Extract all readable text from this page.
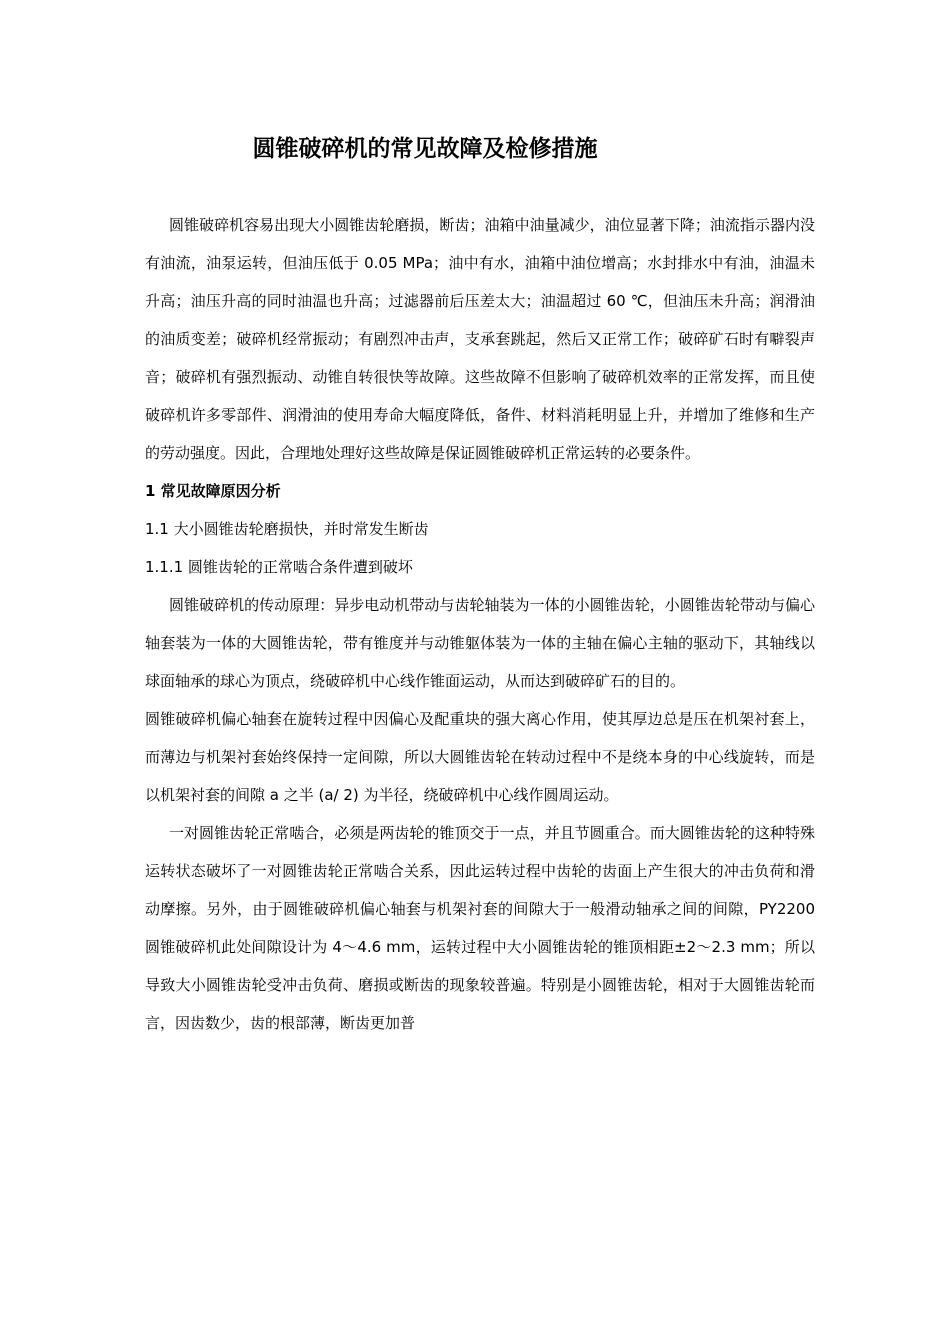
圆锥破碎机的常见故障及检修措施

圆锥破碎机容易出现大小圆锥齿轮磨损，断齿；油箱中油量减少，油位显著下降；油流指示器内没有油流，油泵运转，但油压低于 0.05 MPa；油中有水，油箱中油位增高；水封排水中有油，油温未升高；油压升高的同时油温也升高；过滤器前后压差太大；油温超过 60 ℃，但油压未升高；润滑油的油质变差；破碎机经常振动；有剧烈冲击声，支承套跳起，然后又正常工作；破碎矿石时有噼裂声音；破碎机有强烈振动、动锥自转很快等故障。这些故障不但影响了破碎机效率的正常发挥，而且使破碎机许多零部件、润滑油的使用寿命大幅度降低，备件、材料消耗明显上升，并增加了维修和生产的劳动强度。因此，合理地处理好这些故障是保证圆锥破碎机正常运转的必要条件。

1 常见故障原因分析

1.1 大小圆锥齿轮磨损快，并时常发生断齿

1.1.1 圆锥齿轮的正常啮合条件遭到破坏

圆锥破碎机的传动原理：异步电动机带动与齿轮轴装为一体的小圆锥齿轮，小圆锥齿轮带动与偏心轴套装为一体的大圆锥齿轮，带有锥度并与动锥躯体装为一体的主轴在偏心主轴的驱动下，其轴线以球面轴承的球心为顶点，绕破碎机中心线作锥面运动，从而达到破碎矿石的目的。

圆锥破碎机偏心轴套在旋转过程中因偏心及配重块的强大离心作用，使其厚边总是压在机架衬套上，而薄边与机架衬套始终保持一定间隙，所以大圆锥齿轮在转动过程中不是绕本身的中心线旋转，而是以机架衬套的间隙 a 之半 (a/ 2) 为半径，绕破碎机中心线作圆周运动。

一对圆锥齿轮正常啮合，必须是两齿轮的锥顶交于一点，并且节圆重合。而大圆锥齿轮的这种特殊运转状态破坏了一对圆锥齿轮正常啮合关系，因此运转过程中齿轮的齿面上产生很大的冲击负荷和滑动摩擦。另外，由于圆锥破碎机偏心轴套与机架衬套的间隙大于一般滑动轴承之间的间隙，PY2200 圆锥破碎机此处间隙设计为 4～4.6 mm，运转过程中大小圆锥齿轮的锥顶相距±2～2.3 mm；所以导致大小圆锥齿轮受冲击负荷、磨损或断齿的现象较普遍。特别是小圆锥齿轮，相对于大圆锥齿轮而言，因齿数少，齿的根部薄，断齿更加普
